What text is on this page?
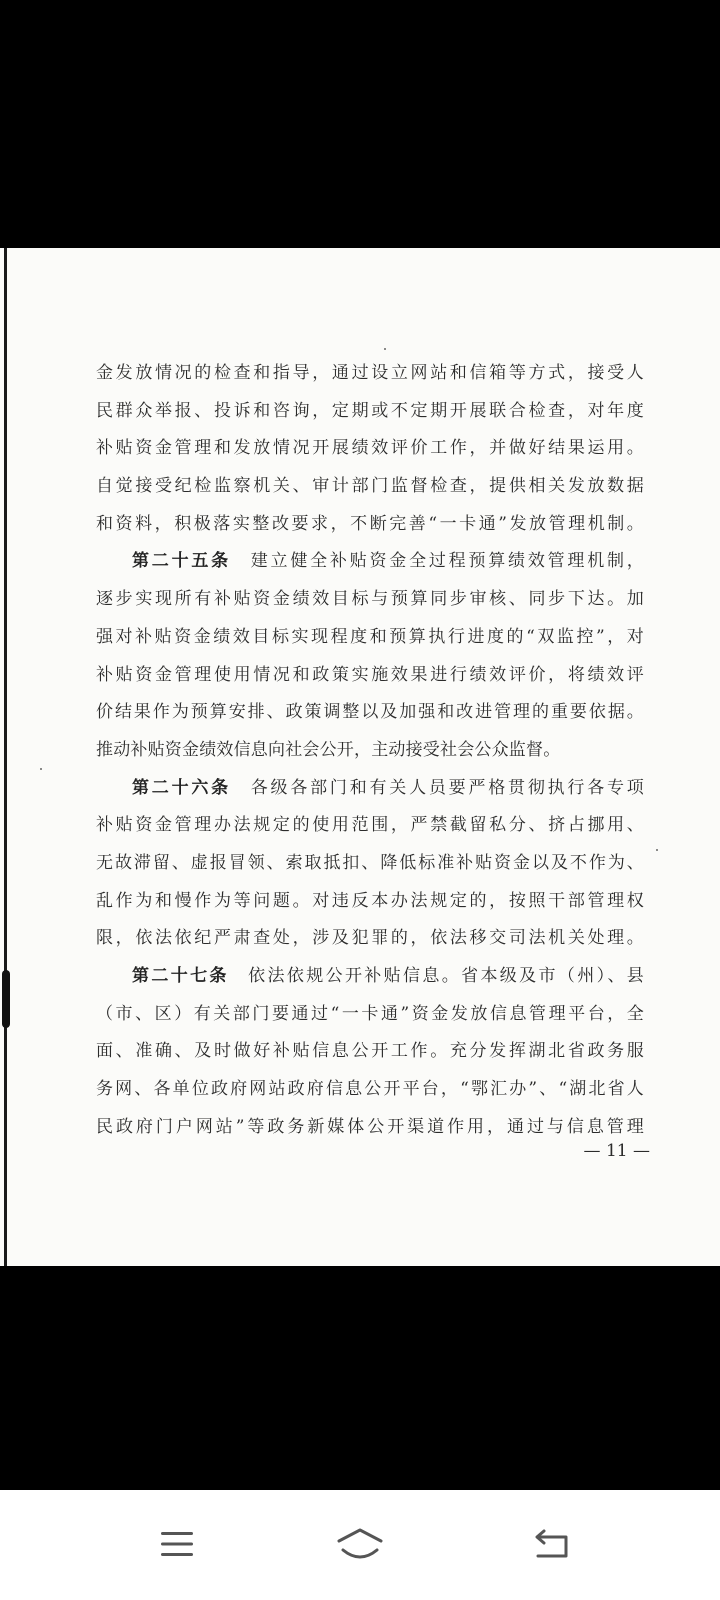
金发放情况的检查和指导，通过设立网站和信箱等方式，接受人
民群众举报、投诉和咨询，定期或不定期开展联合检查，对年度
补贴资金管理和发放情况开展绩效评价工作，并做好结果运用。
自觉接受纪检监察机关、审计部门监督检查，提供相关发放数据
和资料，积极落实整改要求，不断完善“一卡通”发放管理机制。
第二十五条　 建立健全补贴资金全过程预算绩效管理机制，
逐步实现所有补贴资金绩效目标与预算同步审核、同步下达。加
强对补贴资金绩效目标实现程度和预算执行进度的“双监控”，对
补贴资金管理使用情况和政策实施效果进行绩效评价，将绩效评
价结果作为预算安排、政策调整以及加强和改进管理的重要依据。
推动补贴资金绩效信息向社会公开，主动接受社会公众监督。
第二十六条　 各级各部门和有关人员要严格贯彻执行各专项
补贴资金管理办法规定的使用范围，严禁截留私分、挤占挪用、
无故滞留、虚报冒领、索取抵扣、降低标准补贴资金以及不作为、
乱作为和慢作为等问题。对违反本办法规定的，按照干部管理权
限，依法依纪严肃查处，涉及犯罪的，依法移交司法机关处理。
第二十七条　 依法依规公开补贴信息。省本级及市（州）、县
（市、区）有关部门要通过“一卡通”资金发放信息管理平台，全
面、准确、及时做好补贴信息公开工作。充分发挥湖北省政务服
务网、各单位政府网站政府信息公开平台，“鄂汇办”、“湖北省人
民政府门户网站”等政务新媒体公开渠道作用，通过与信息管理
— 11 —
